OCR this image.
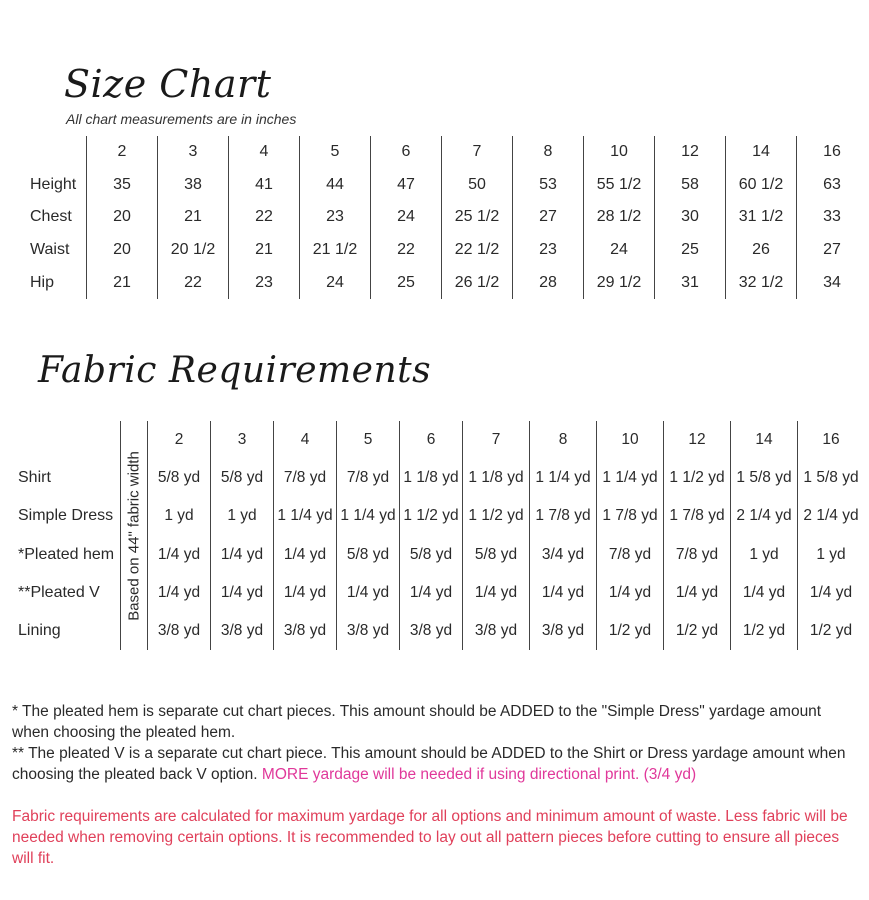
Size Chart
All chart measurements are in inches
	2	3	4	5	6	7	8	10	12	14	16
Height	35	38	41	44	47	50	53	55 1/2	58	60 1/2	63
Chest	20	21	22	23	24	25 1/2	27	28 1/2	30	31 1/2	33
Waist	20	20 1/2	21	21 1/2	22	22 1/2	23	24	25	26	27
Hip	21	22	23	24	25	26 1/2	28	29 1/2	31	32 1/2	34
Fabric Requirements

	Based on 44" fabric width	2	3	4	5	6	7	8	10	12	14	16
Shirt		5/8 yd	5/8 yd	7/8 yd	7/8 yd	1 1/8 yd	1 1/8 yd	1 1/4 yd	1 1/4 yd	1 1/2 yd	1 5/8 yd	1 5/8 yd
Simple Dress		1 yd	1 yd	1 1/4 yd	1 1/4 yd	1 1/2 yd	1 1/2 yd	1 7/8 yd	1 7/8 yd	1 7/8 yd	2 1/4 yd	2 1/4 yd
*Pleated hem		1/4 yd	1/4 yd	1/4 yd	5/8 yd	5/8 yd	5/8 yd	3/4 yd	7/8 yd	7/8 yd	1 yd	1 yd
**Pleated V		1/4 yd	1/4 yd	1/4 yd	1/4 yd	1/4 yd	1/4 yd	1/4 yd	1/4 yd	1/4 yd	1/4 yd	1/4 yd
Lining		3/8 yd	3/8 yd	3/8 yd	3/8 yd	3/8 yd	3/8 yd	3/8 yd	1/2 yd	1/2 yd	1/2 yd	1/2 yd
* The pleated hem is separate cut chart pieces. This amount should be ADDED to the "Simple Dress" yardage amount when choosing the pleated hem.
** The pleated V is a separate cut chart piece. This amount should be ADDED to the Shirt or Dress yardage amount when choosing the pleated back V option. MORE yardage will be needed if using directional print. (3/4 yd)
Fabric requirements are calculated for maximum yardage for all options and minimum amount of waste. Less fabric will be needed when removing certain options. It is recommended to lay out all pattern pieces before cutting to ensure all pieces will fit.
